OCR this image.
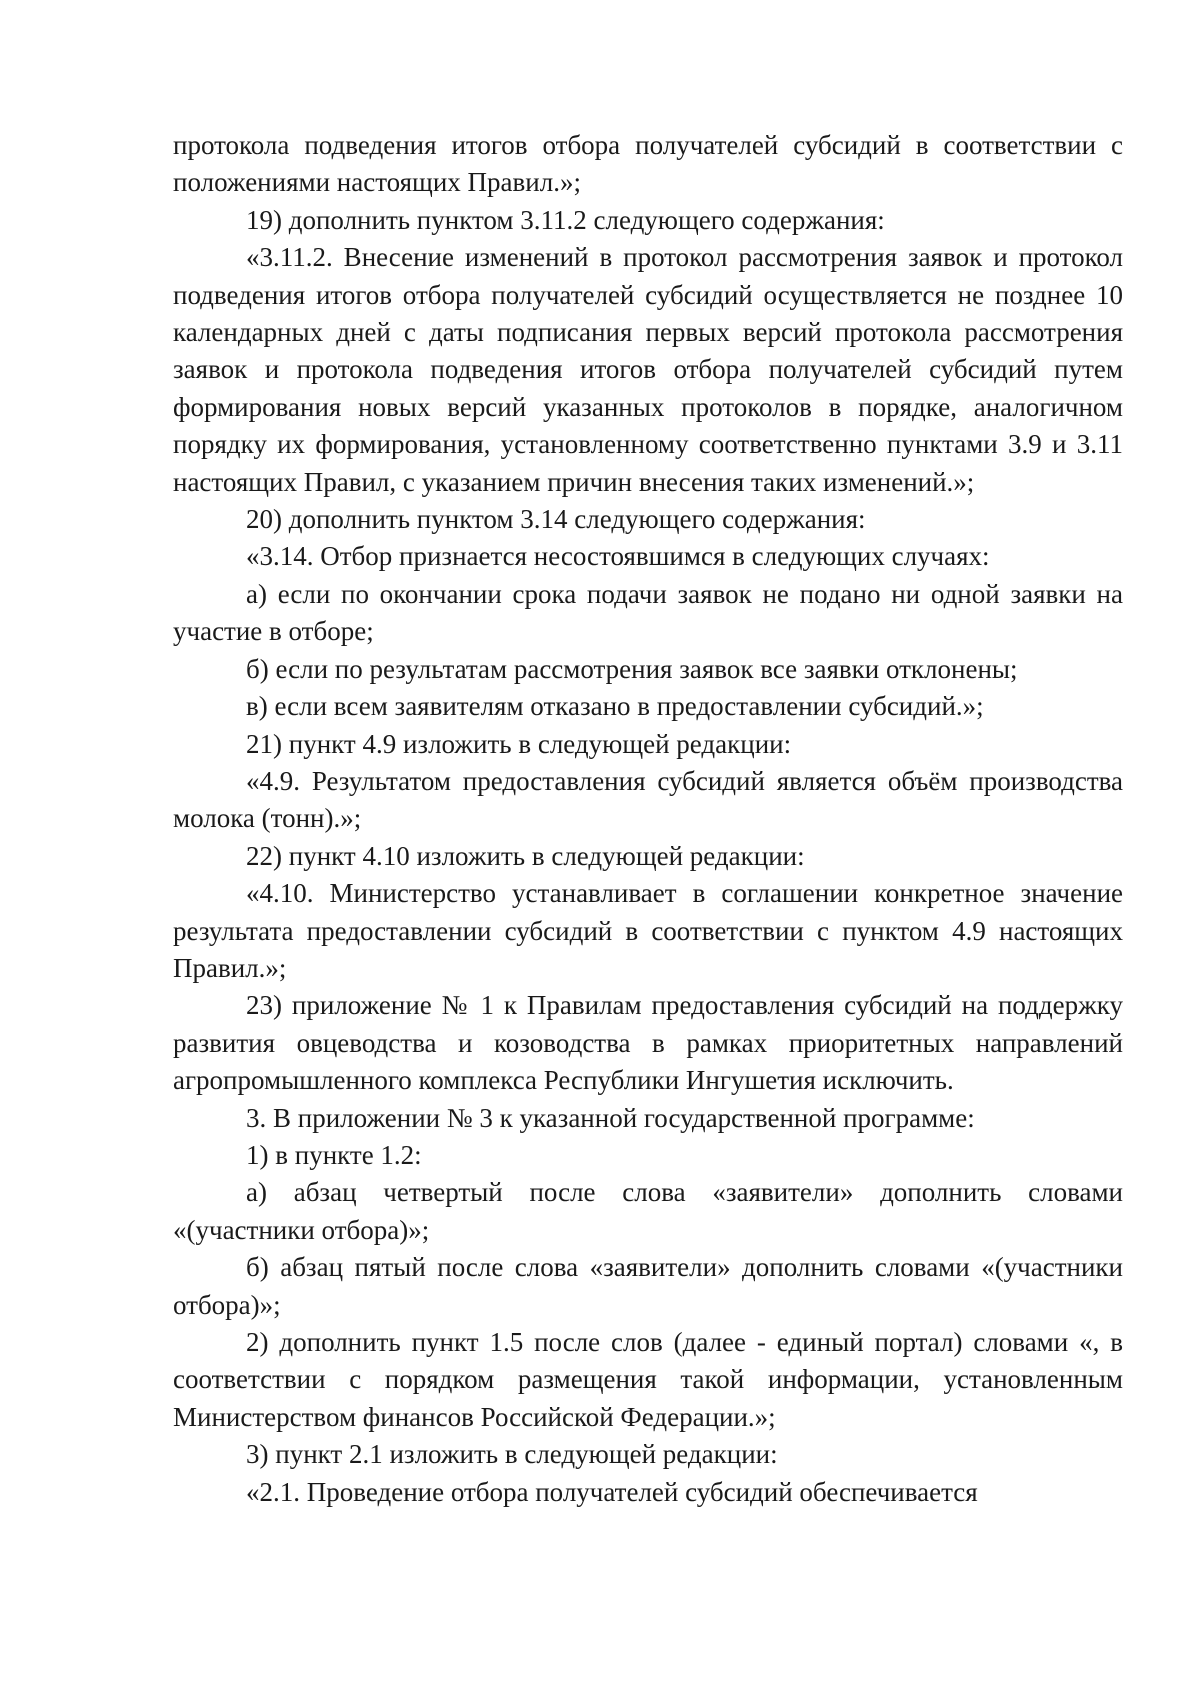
протокола подведения итогов отбора получателей субсидий в соответствии с положениями настоящих Правил.»;

19) дополнить пунктом 3.11.2 следующего содержания:

«3.11.2. Внесение изменений в протокол рассмотрения заявок и протокол подведения итогов отбора получателей субсидий осуществляется не позднее 10 календарных дней с даты подписания первых версий протокола рассмотрения заявок и протокола подведения итогов отбора получателей субсидий путем формирования новых версий указанных протоколов в порядке, аналогичном порядку их формирования, установленному соответственно пунктами 3.9 и 3.11 настоящих Правил, с указанием причин внесения таких изменений.»;

20) дополнить пунктом 3.14 следующего содержания:

«3.14. Отбор признается несостоявшимся в следующих случаях:

а) если по окончании срока подачи заявок не подано ни одной заявки на участие в отборе;

б) если по результатам рассмотрения заявок все заявки отклонены;

в) если всем заявителям отказано в предоставлении субсидий.»;

21) пункт 4.9 изложить в следующей редакции:

«4.9. Результатом предоставления субсидий является объём производства молока (тонн).»;

22) пункт 4.10 изложить в следующей редакции:

«4.10. Министерство устанавливает в соглашении конкретное значение результата предоставлении субсидий в соответствии с пунктом 4.9 настоящих Правил.»;

23) приложение № 1 к Правилам предоставления субсидий на поддержку развития овцеводства и козоводства в рамках приоритетных направлений агропромышленного комплекса Республики Ингушетия исключить.

3. В приложении № 3 к указанной государственной программе:

1) в пункте 1.2:

а) абзац четвертый после слова «заявители» дополнить словами «(участники отбора)»;

б) абзац пятый после слова «заявители» дополнить словами «(участники отбора)»;

2) дополнить пункт 1.5 после слов (далее - единый портал) словами «, в соответствии с порядком размещения такой информации, установленным Министерством финансов Российской Федерации.»;

3) пункт 2.1 изложить в следующей редакции:

«2.1. Проведение отбора получателей субсидий обеспечивается
